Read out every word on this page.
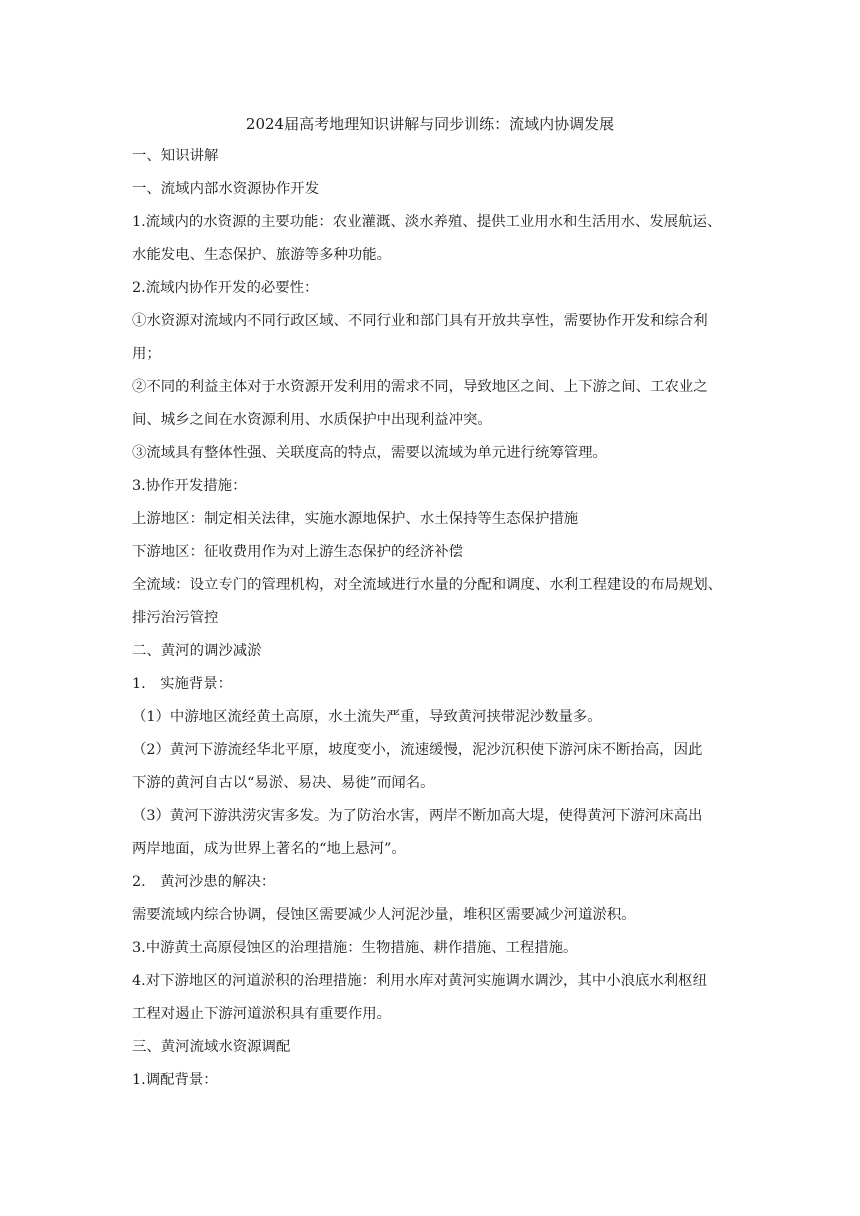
2024届高考地理知识讲解与同步训练：流域内协调发展
一、知识讲解
一、流域内部水资源协作开发
1.流域内的水资源的主要功能：农业灌溉、淡水养殖、提供工业用水和生活用水、发展航运、
水能发电、生态保护、旅游等多种功能。
2.流域内协作开发的必要性：
①水资源对流域内不同行政区域、不同行业和部门具有开放共享性，需要协作开发和综合利
用；
②不同的利益主体对于水资源开发利用的需求不同，导致地区之间、上下游之间、工农业之
间、城乡之间在水资源利用、水质保护中出现利益冲突。
③流域具有整体性强、关联度高的特点，需要以流域为单元进行统筹管理。
3.协作开发措施：
上游地区：制定相关法律，实施水源地保护、水土保持等生态保护措施
下游地区：征收费用作为对上游生态保护的经济补偿
全流域：设立专门的管理机构，对全流域进行水量的分配和调度、水利工程建设的布局规划、
排污治污管控
二、黄河的调沙减淤
1.　实施背景：
（1）中游地区流经黄土高原，水土流失严重，导致黄河挟带泥沙数量多。
（2）黄河下游流经华北平原，坡度变小，流速缓慢，泥沙沉积使下游河床不断抬高，因此
下游的黄河自古以“易淤、易决、易徙”而闻名。
（3）黄河下游洪涝灾害多发。为了防治水害，两岸不断加高大堤，使得黄河下游河床高出
两岸地面，成为世界上著名的“地上悬河”。
2.　黄河沙患的解决：
需要流域内综合协调，侵蚀区需要减少人河泥沙量，堆积区需要减少河道淤积。
3.中游黄土高原侵蚀区的治理措施：生物措施、耕作措施、工程措施。
4.对下游地区的河道淤积的治理措施：利用水库对黄河实施调水调沙，其中小浪底水利枢纽
工程对遏止下游河道淤积具有重要作用。
三、黄河流域水资源调配
1.调配背景：
